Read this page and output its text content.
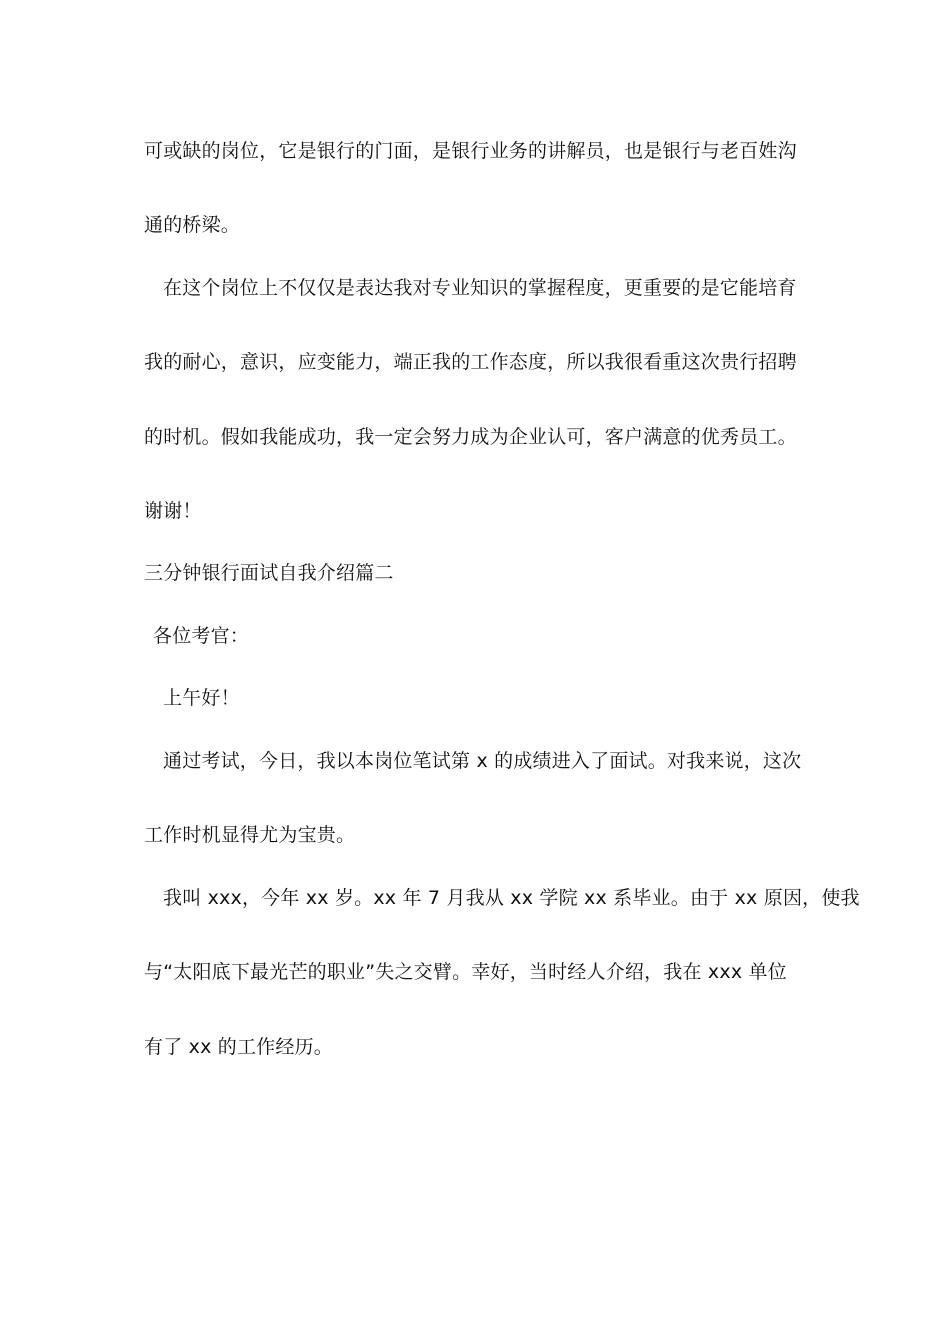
可或缺的岗位，它是银行的门面，是银行业务的讲解员，也是银行与老百姓沟
通的桥梁。
在这个岗位上不仅仅是表达我对专业知识的掌握程度，更重要的是它能培育
我的耐心，意识，应变能力，端正我的工作态度，所以我很看重这次贵行招聘
的时机。假如我能成功，我一定会努力成为企业认可，客户满意的优秀员工。
谢谢！
三分钟银行面试自我介绍篇二
各位考官：
上午好！
通过考试，今日，我以本岗位笔试第 x 的成绩进入了面试。对我来说，这次
工作时机显得尤为宝贵。
我叫 xxx，今年 xx 岁。xx 年 7 月我从 xx 学院 xx 系毕业。由于 xx 原因，使我
与“太阳底下最光芒的职业”失之交臂。幸好，当时经人介绍，我在 xxx 单位
有了 xx 的工作经历。
